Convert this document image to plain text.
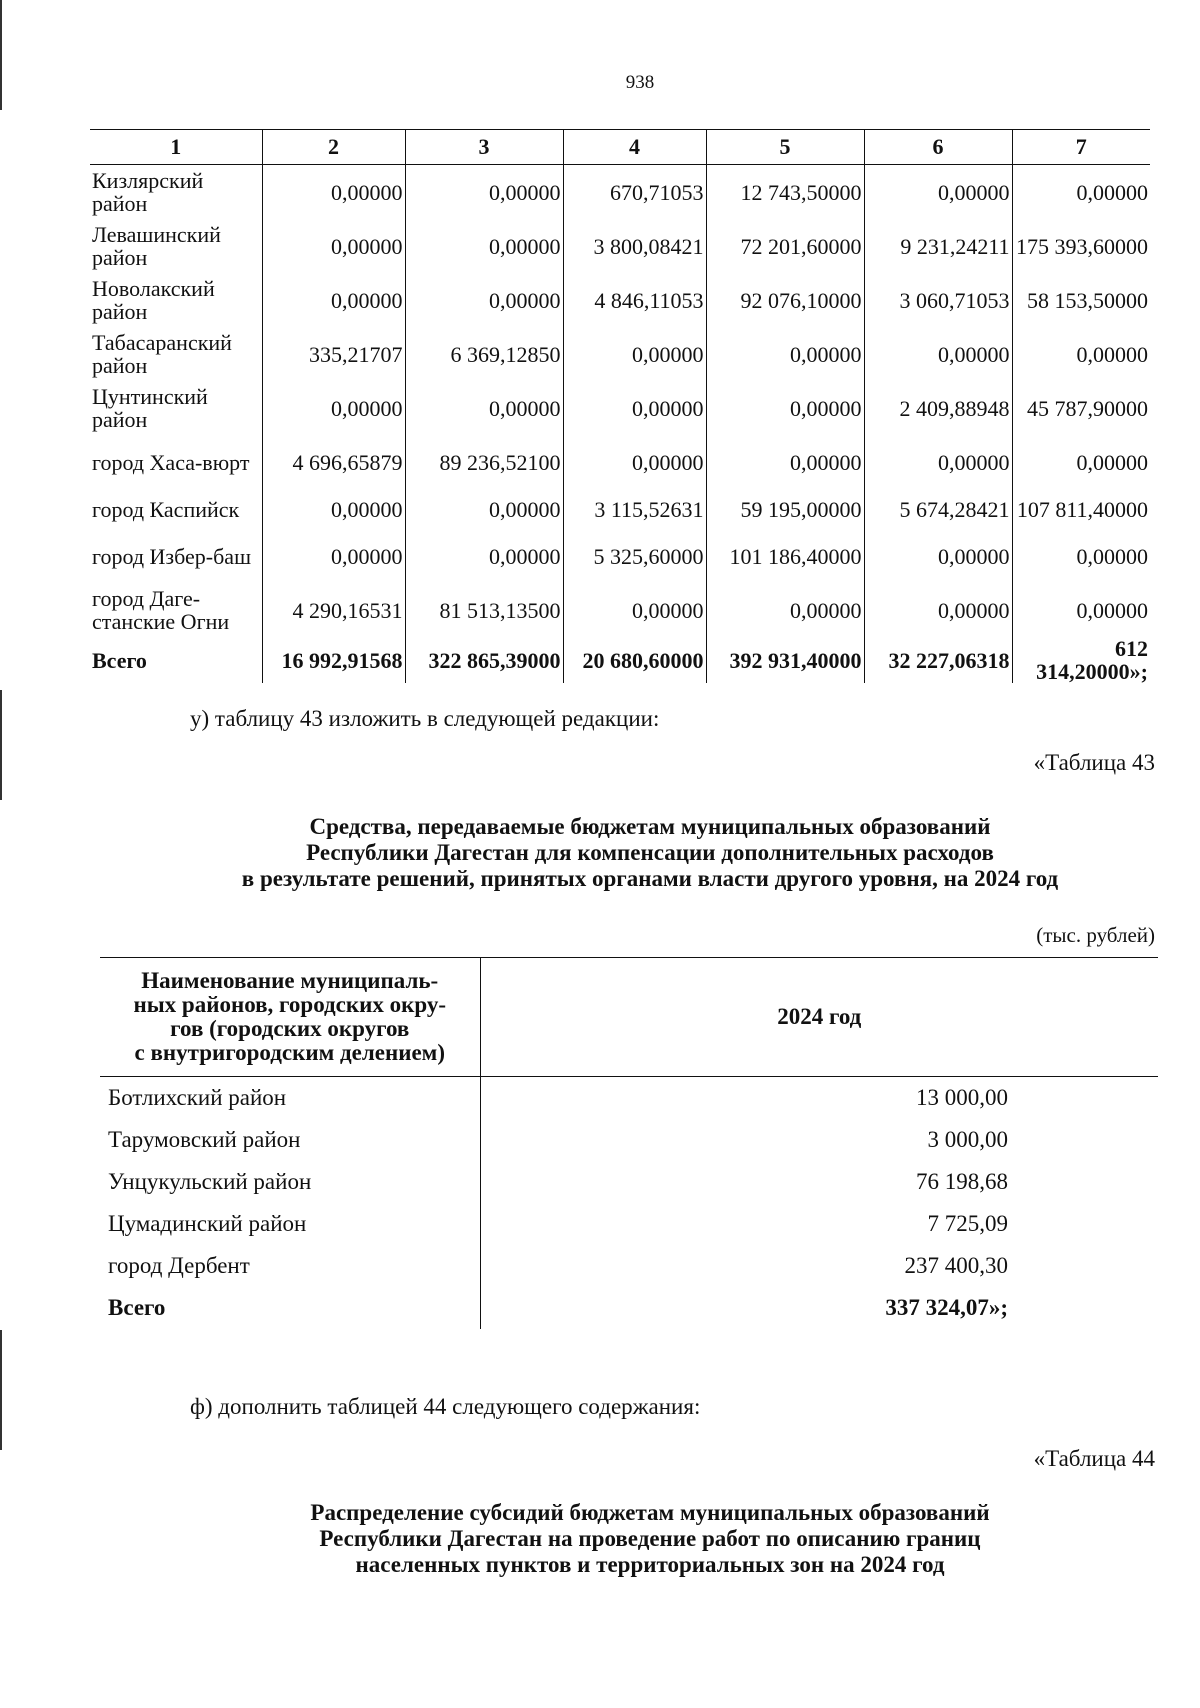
938
1	2	3	4	5	6	7
Кизлярский район	0,00000	0,00000	670,71053	12 743,50000	0,00000	0,00000
Левашинский район	0,00000	0,00000	3 800,08421	72 201,60000	9 231,24211	175 393,60000
Новолакский район	0,00000	0,00000	4 846,11053	92 076,10000	3 060,71053	58 153,50000
Табасаранский район	335,21707	6 369,12850	0,00000	0,00000	0,00000	0,00000
Цунтинский район	0,00000	0,00000	0,00000	0,00000	2 409,88948	45 787,90000
город Хаса-вюрт	4 696,65879	89 236,52100	0,00000	0,00000	0,00000	0,00000
город Каспийск	0,00000	0,00000	3 115,52631	59 195,00000	5 674,28421	107 811,40000
город Избер-баш	0,00000	0,00000	5 325,60000	101 186,40000	0,00000	0,00000
город Даге-станские Огни	4 290,16531	81 513,13500	0,00000	0,00000	0,00000	0,00000
Всего	16 992,91568	322 865,39000	20 680,60000	392 931,40000	32 227,06318	612 314,20000»;
у) таблицу 43 изложить в следующей редакции:
«Таблица 43
Средства, передаваемые бюджетам муниципальных образований
Республики Дагестан для компенсации дополнительных расходов
в результате решений, принятых органами власти другого уровня, на 2024 год
(тыс. рублей)
Наименование муниципаль-
ных районов, городских окру-
гов (городских округов
с внутригородским делением)	2024 год
Ботлихский район	13 000,00
Тарумовский район	3 000,00
Унцукульский район	76 198,68
Цумадинский район	7 725,09
город Дербент	237 400,30
Всего	337 324,07»;
ф) дополнить таблицей 44 следующего содержания:
«Таблица 44
Распределение субсидий бюджетам муниципальных образований
Республики Дагестан на проведение работ по описанию границ
населенных пунктов и территориальных зон на 2024 год
